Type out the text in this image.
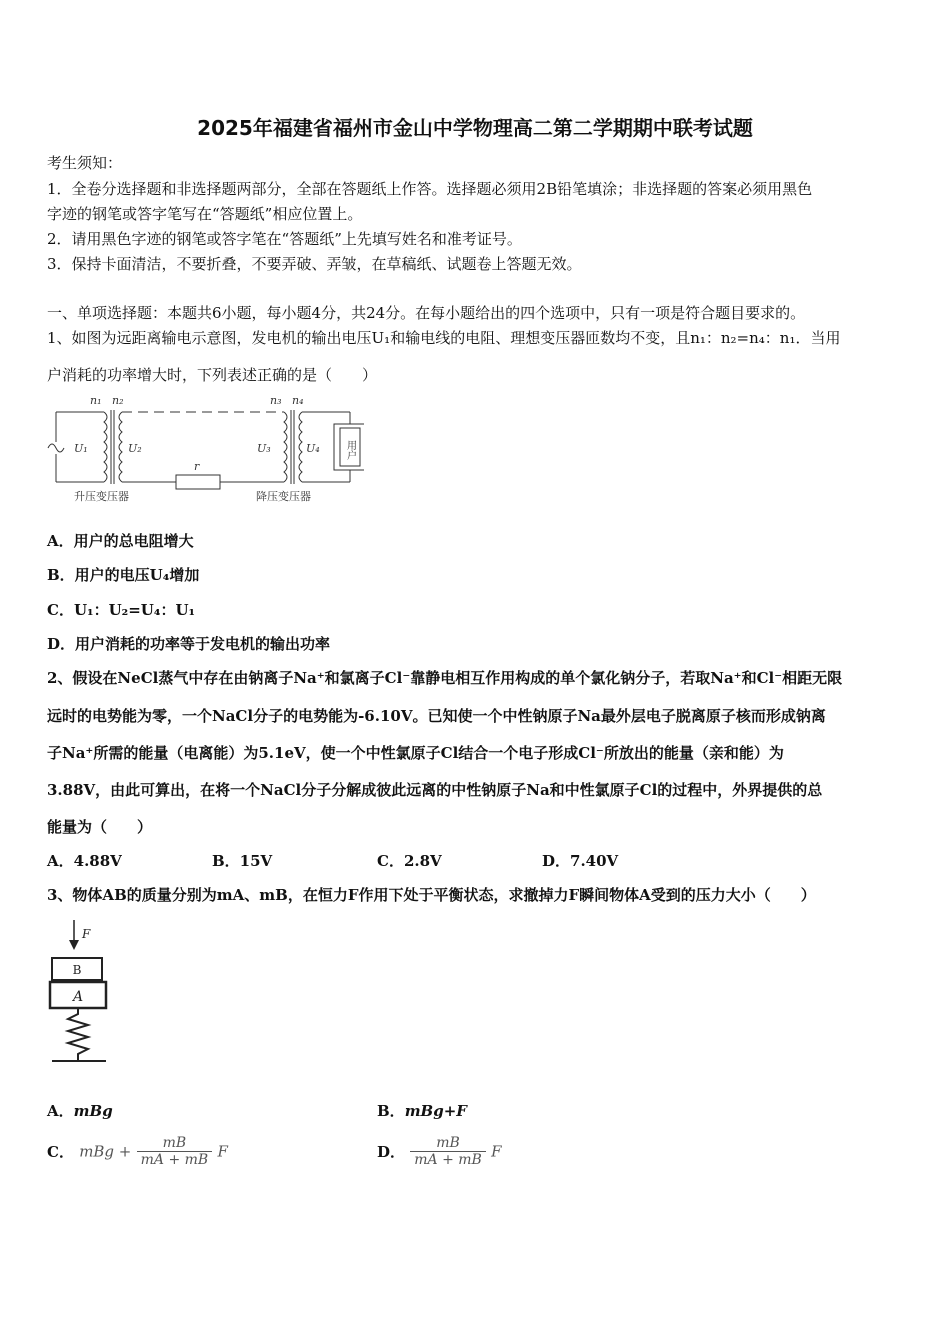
2025年福建省福州市金山中学物理高二第二学期期中联考试题
考生须知：
1．全卷分选择题和非选择题两部分，全部在答题纸上作答。选择题必须用2B铅笔填涂；非选择题的答案必须用黑色
字迹的钢笔或答字笔写在“答题纸”相应位置上。
2．请用黑色字迹的钢笔或答字笔在“答题纸”上先填写姓名和准考证号。
3．保持卡面清洁，不要折叠，不要弄破、弄皱，在草稿纸、试题卷上答题无效。
一、单项选择题：本题共6小题，每小题4分，共24分。在每小题给出的四个选项中，只有一项是符合题目要求的。
1、如图为远距离输电示意图，发电机的输出电压U₁和输电线的电阻、理想变压器匝数均不变，且n₁：n₂=n₄：n₁．当用
户消耗的功率增大时，下列表述正确的是（　　）
U₁
n₁ n₂
U₂
r
n₃ n₄
U₃	U₄ 用户
升压变压器	降压变压器
A．用户的总电阻增大
B．用户的电压U₄增加
C．U₁：U₂=U₄：U₁
D．用户消耗的功率等于发电机的输出功率
2、假设在NeCl蒸气中存在由钠离子Na⁺和氯离子Cl⁻靠静电相互作用构成的单个氯化钠分子，若取Na⁺和Cl⁻相距无限
远时的电势能为零，一个NaCl分子的电势能为-6.10V。已知使一个中性钠原子Na最外层电子脱离原子核而形成钠离
子Na⁺所需的能量（电离能）为5.1eV，使一个中性氯原子Cl结合一个电子形成Cl⁻所放出的能量（亲和能）为
3.88V，由此可算出，在将一个NaCl分子分解成彼此远离的中性钠原子Na和中性氯原子Cl的过程中，外界提供的总
能量为（　　）
A．4.88V	B．15V	C．2.8V	D．7.40V
3、物体AB的质量分别为mA、mB，在恒力F作用下处于平衡状态，求撤掉力F瞬间物体A受到的压力大小（　　）
F
B
A
A．mBg	B．mBg+F
C． mBg + $\frac{mB}{mA + mB}$ F	D． $\frac{mB}{mA + mB}$ F
